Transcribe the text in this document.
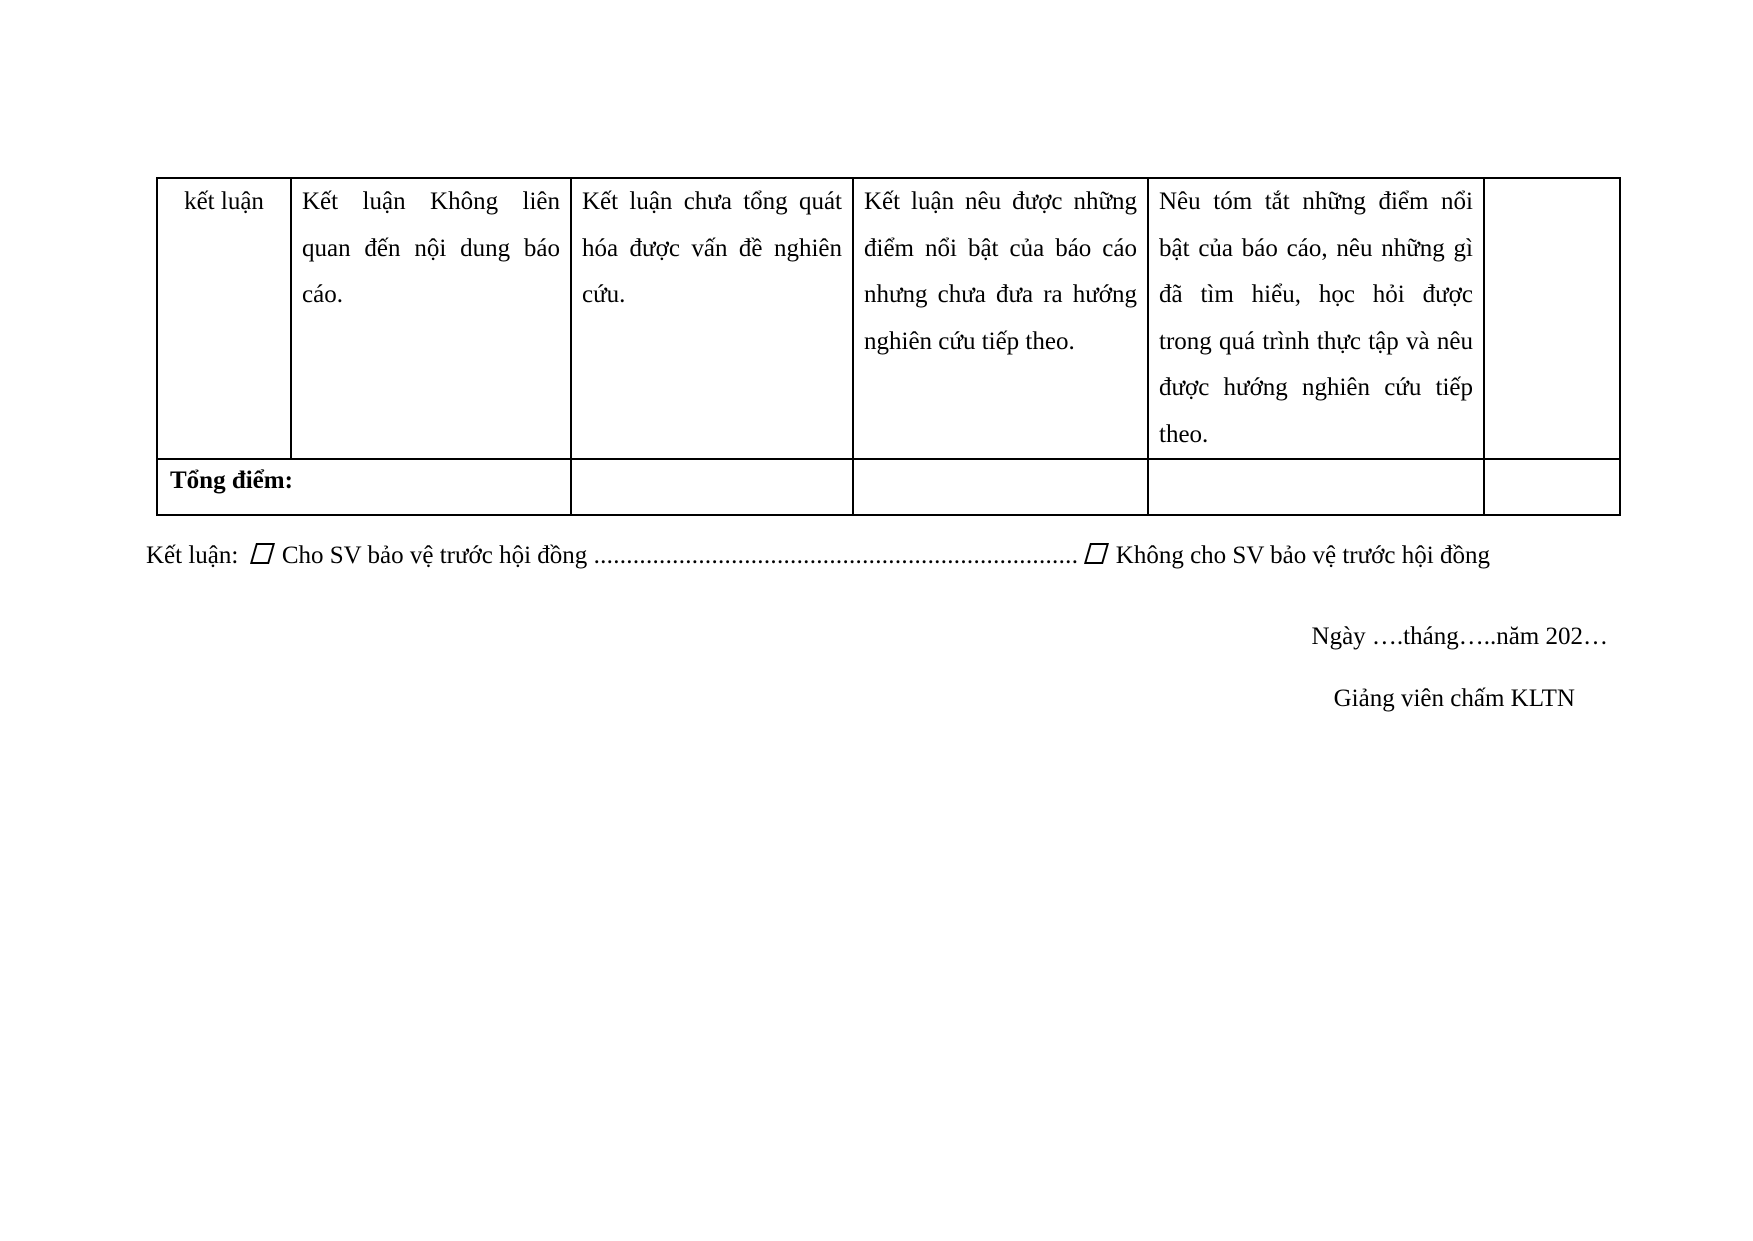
kết luận	Kết luận Không liên quan đến nội dung báo cáo.	Kết luận chưa tổng quát hóa được vấn đề nghiên cứu.	Kết luận nêu được những điểm nổi bật của báo cáo nhưng chưa đưa ra hướng nghiên cứu tiếp theo.	Nêu tóm tắt những điểm nổi bật của báo cáo, nêu những gì đã tìm hiểu, học hỏi được trong quá trình thực tập và nêu được hướng nghiên cứu tiếp theo.	

Tổng điểm:					

Kết luận: Cho SV bảo vệ trước hội đồng .......................................................................... Không cho SV bảo vệ trước hội đồng
Ngày ….tháng…..năm 202…
Giảng viên chấm KLTN
